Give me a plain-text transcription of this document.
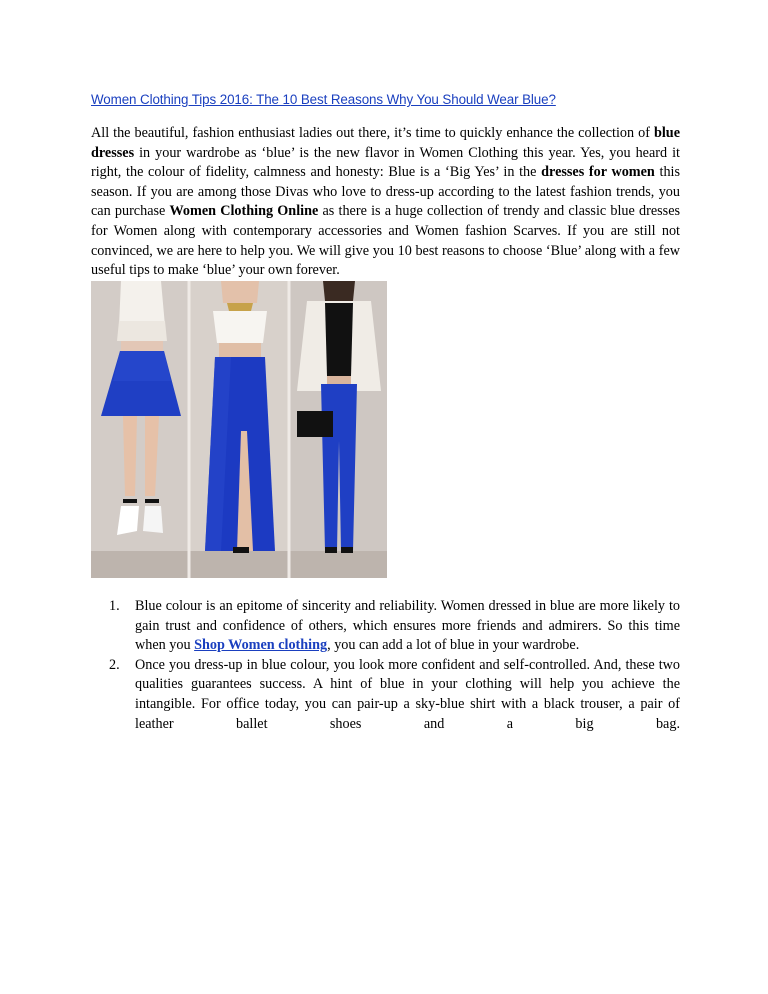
Women Clothing Tips 2016: The 10 Best Reasons Why You Should Wear Blue?

All the beautiful, fashion enthusiast ladies out there, it’s time to quickly enhance the collection of blue dresses in your wardrobe as ‘blue’ is the new flavor in Women Clothing this year. Yes, you heard it right, the colour of fidelity, calmness and honesty: Blue is a ‘Big Yes’ in the dresses for women this season. If you are among those Divas who love to dress-up according to the latest fashion trends, you can purchase Women Clothing Online as there is a huge collection of trendy and classic blue dresses for Women along with contemporary accessories and Women fashion Scarves. If you are still not convinced, we are here to help you. We will give you 10 best reasons to choose ‘Blue’ along with a few useful tips to make ‘blue’ your own forever.

1. Blue colour is an epitome of sincerity and reliability. Women dressed in blue are more likely to gain trust and confidence of others, which ensures more friends and admirers. So this time when you Shop Women clothing, you can add a lot of blue in your wardrobe.
2. Once you dress-up in blue colour, you look more confident and self-controlled. And, these two qualities guarantees success. A hint of blue in your clothing will help you achieve the intangible. For office today, you can pair-up a sky-blue shirt with a black trouser, a pair of leather ballet shoes and a big bag.
